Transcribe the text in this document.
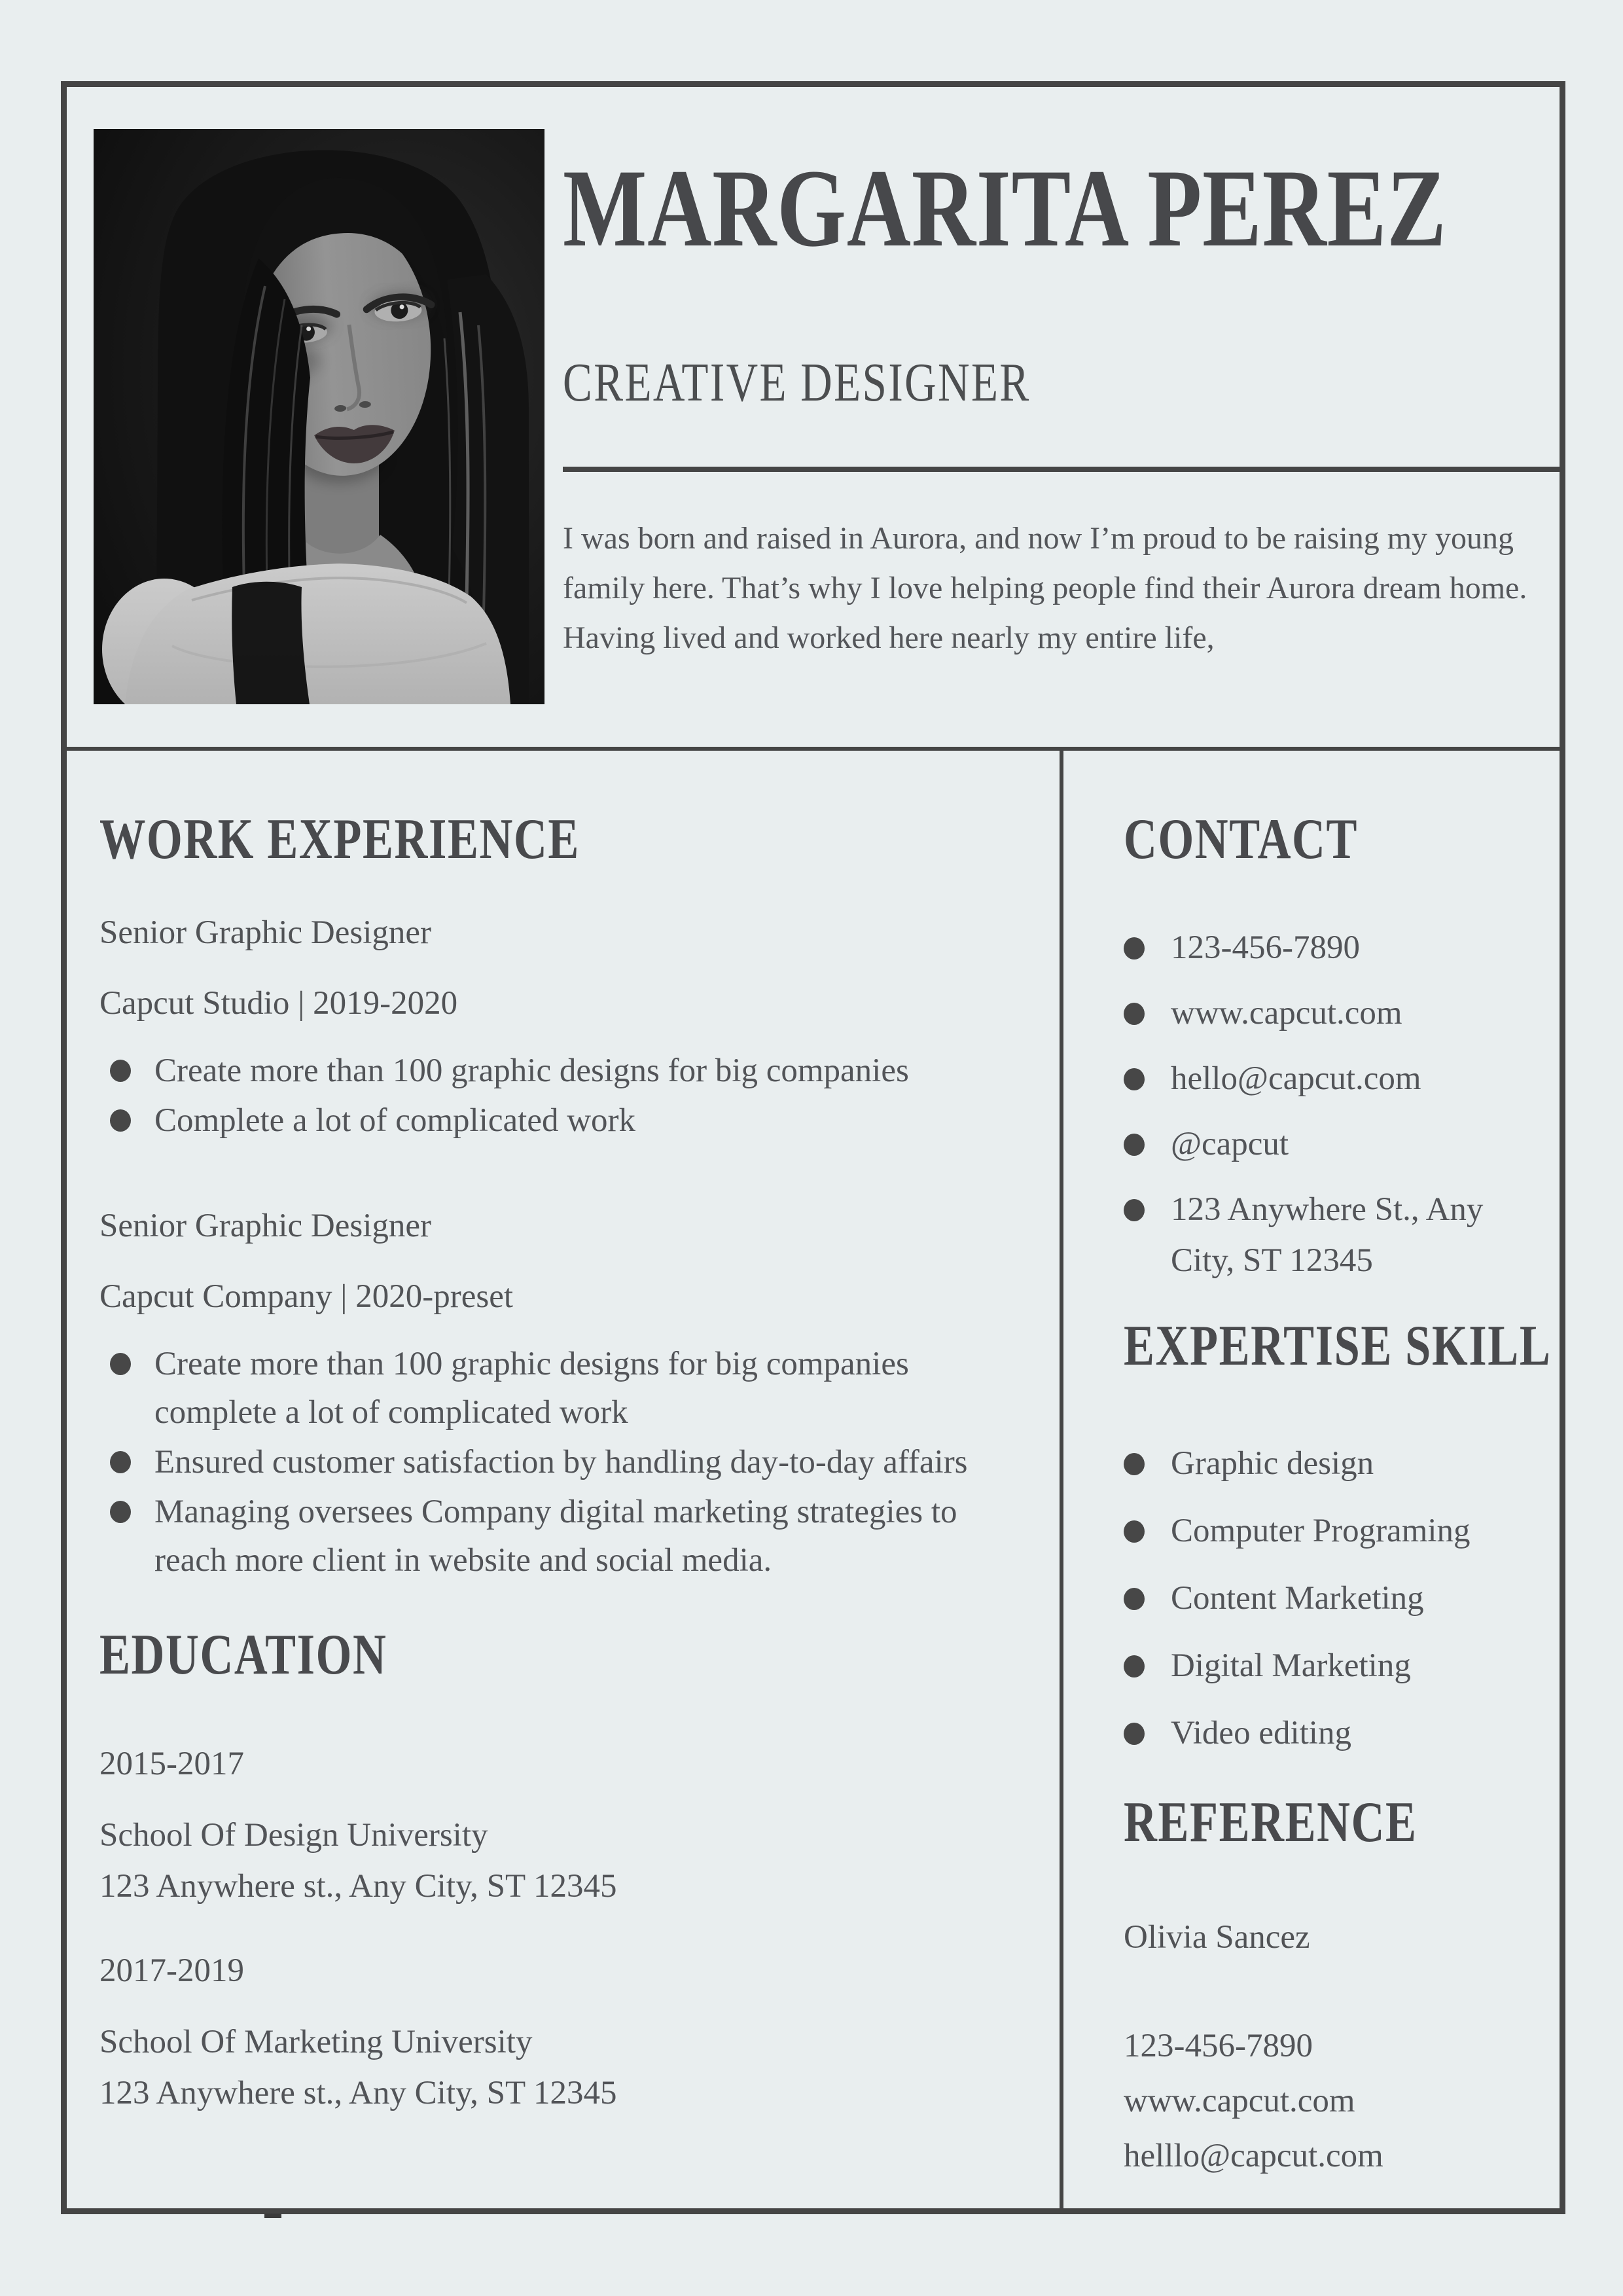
MARGARITA PEREZ
CREATIVE DESIGNER

I was born and raised in Aurora, and now I’m proud to be raising my young family here. That’s why I love helping people find their Aurora dream home. Having lived and worked here nearly my entire life,

WORK EXPERIENCE
Senior Graphic Designer
Capcut Studio | 2019-2020
Create more than 100 graphic designs for big companies
Complete a lot of complicated work
Senior Graphic Designer
Capcut Company | 2020-preset
Create more than 100 graphic designs for big companies complete a lot of complicated work
Ensured customer satisfaction by handling day-to-day affairs
Managing oversees Company digital marketing strategies to reach more client in website and social media.
EDUCATION
2015-2017
School Of Design University
123 Anywhere st., Any City, ST 12345
2017-2019
School Of Marketing University
123 Anywhere st., Any City, ST 12345
CONTACT
123-456-7890
www.capcut.com
hello@capcut.com
@capcut
123 Anywhere St., Any City, ST 12345
EXPERTISE SKILL
Graphic design
Computer Programing
Content Marketing
Digital Marketing
Video editing
REFERENCE
Olivia Sancez
123-456-7890
www.capcut.com
helllo@capcut.com
